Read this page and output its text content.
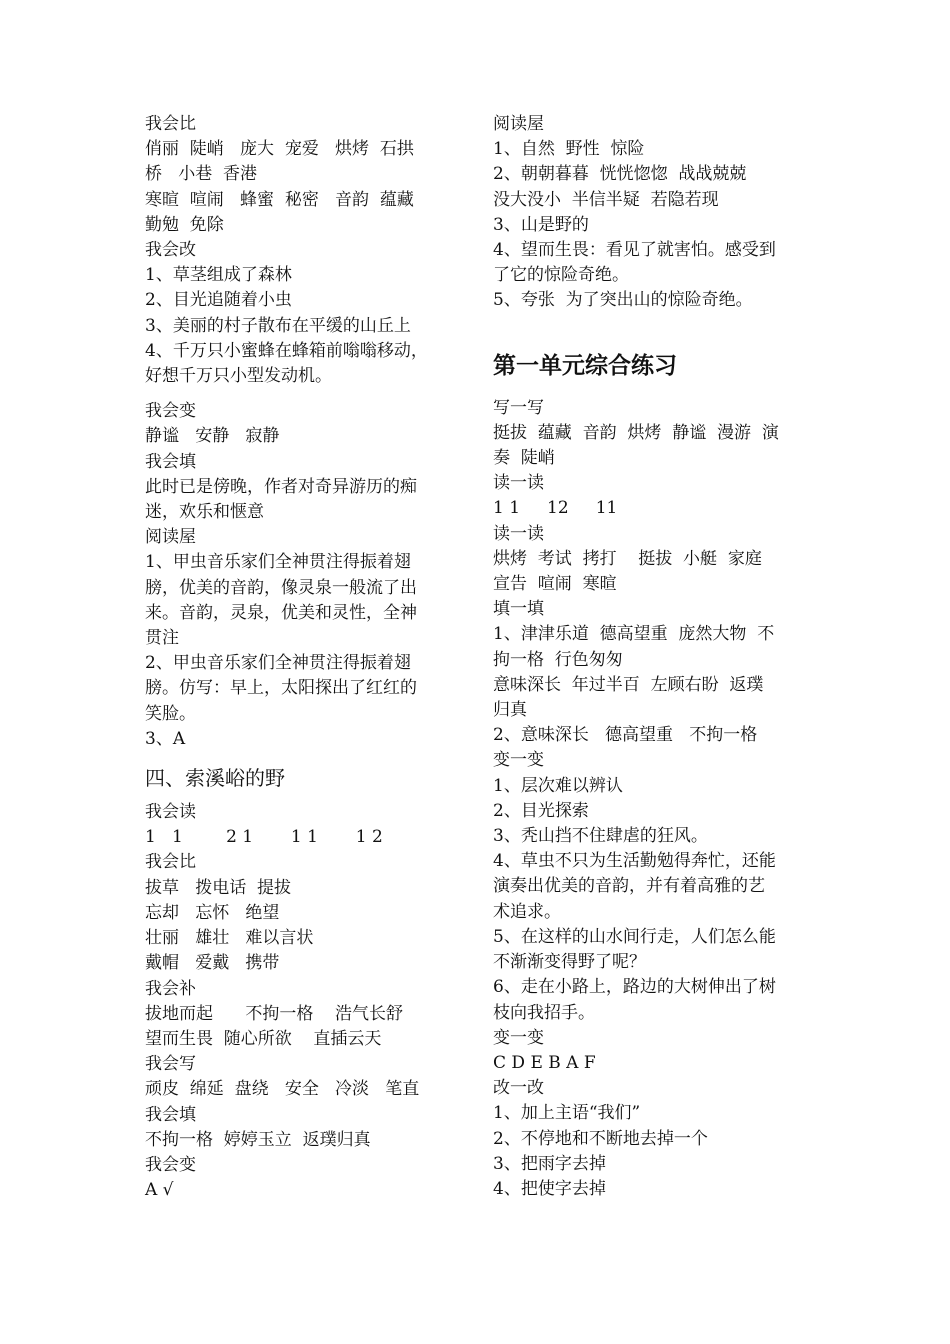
我会比
俏丽  陡峭   庞大  宠爱   烘烤  石拱
桥   小巷  香港
寒暄  喧闹   蜂蜜  秘密   音韵  蕴藏
勤勉  免除
我会改
1、草茎组成了森林
2、目光追随着小虫
3、美丽的村子散布在平缓的山丘上
4、千万只小蜜蜂在蜂箱前嗡嗡移动，
好想千万只小型发动机。
我会变
静谧   安静   寂静
我会填
此时已是傍晚，作者对奇异游历的痴
迷，欢乐和惬意
阅读屋
1、甲虫音乐家们全神贯注得振着翅
膀，优美的音韵，像灵泉一般流了出
来。音韵，灵泉，优美和灵性，全神
贯注
2、甲虫音乐家们全神贯注得振着翅
膀。仿写：早上，太阳探出了红红的
笑脸。
3、A
四、索溪峪的野
我会读
1   1        2 1       1 1       1 2
我会比
拔草   拨电话  提拔
忘却   忘怀   绝望
壮丽   雄壮   难以言状
戴帽   爱戴   携带
我会补
拔地而起      不拘一格    浩气长舒
望而生畏  随心所欲    直插云天
我会写
顽皮  绵延  盘绕   安全   冷淡   笔直
我会填
不拘一格  婷婷玉立  返璞归真
我会变
A √
阅读屋
1、自然  野性  惊险
2、朝朝暮暮  恍恍惚惚  战战兢兢
没大没小  半信半疑  若隐若现
3、山是野的
4、望而生畏：看见了就害怕。感受到
了它的惊险奇绝。
5、夸张  为了突出山的惊险奇绝。
第一单元综合练习
写一写
挺拔  蕴藏  音韵  烘烤  静谧  漫游  演
奏  陡峭
读一读
1 1     12     11
读一读
烘烤  考试  拷打    挺拔  小艇  家庭
宣告  喧闹  寒暄
填一填
1、津津乐道  德高望重  庞然大物  不
拘一格  行色匆匆
意味深长  年过半百  左顾右盼  返璞
归真
2、意味深长   德高望重   不拘一格
变一变
1、层次难以辨认
2、目光探索
3、秃山挡不住肆虐的狂风。
4、草虫不只为生活勤勉得奔忙，还能
演奏出优美的音韵，并有着高雅的艺
术追求。
5、在这样的山水间行走，人们怎么能
不渐渐变得野了呢？
6、走在小路上，路边的大树伸出了树
枝向我招手。
变一变
C D E B A F
改一改
1、加上主语“我们”
2、不停地和不断地去掉一个
3、把雨字去掉
4、把使字去掉
